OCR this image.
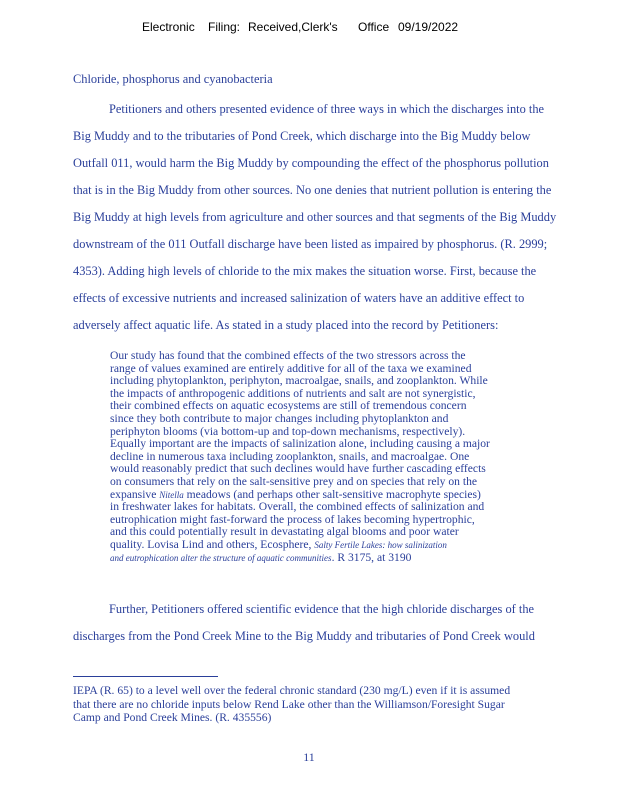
Electronic Filing: Received,Clerk's Office 09/19/2022
Chloride, phosphorus and cyanobacteria
Petitioners and others presented evidence of three ways in which the discharges into the
Big Muddy and to the tributaries of Pond Creek, which discharge into the Big Muddy below
Outfall 011, would harm the Big Muddy by compounding the effect of the phosphorus pollution
that is in the Big Muddy from other sources. No one denies that nutrient pollution is entering the
Big Muddy at high levels from agriculture and other sources and that segments of the Big Muddy
downstream of the 011 Outfall discharge have been listed as impaired by phosphorus. (R. 2999;
4353). Adding high levels of chloride to the mix makes the situation worse. First, because the
effects of excessive nutrients and increased salinization of waters have an additive effect to
adversely affect aquatic life. As stated in a study placed into the record by Petitioners:
Our study has found that the combined effects of the two stressors across the
range of values examined are entirely additive for all of the taxa we examined
including phytoplankton, periphyton, macroalgae, snails, and zooplankton. While
the impacts of anthropogenic additions of nutrients and salt are not synergistic,
their combined effects on aquatic ecosystems are still of tremendous concern
since they both contribute to major changes including phytoplankton and
periphyton blooms (via bottom-up and top-down mechanisms, respectively).
Equally important are the impacts of salinization alone, including causing a major
decline in numerous taxa including zooplankton, snails, and macroalgae. One
would reasonably predict that such declines would have further cascading effects
on consumers that rely on the salt-sensitive prey and on species that rely on the
expansive Nitella meadows (and perhaps other salt-sensitive macrophyte species)
in freshwater lakes for habitats. Overall, the combined effects of salinization and
eutrophication might fast-forward the process of lakes becoming hypertrophic,
and this could potentially result in devastating algal blooms and poor water
quality. Lovisa Lind and others, Ecosphere, Salty Fertile Lakes: how salinization
and eutrophication alter the structure of aquatic communities. R 3175, at 3190
Further, Petitioners offered scientific evidence that the high chloride discharges of the
discharges from the Pond Creek Mine to the Big Muddy and tributaries of Pond Creek would
IEPA (R. 65) to a level well over the federal chronic standard (230 mg/L) even if it is assumed
that there are no chloride inputs below Rend Lake other than the Williamson/Foresight Sugar
Camp and Pond Creek Mines. (R. 435556)
11
